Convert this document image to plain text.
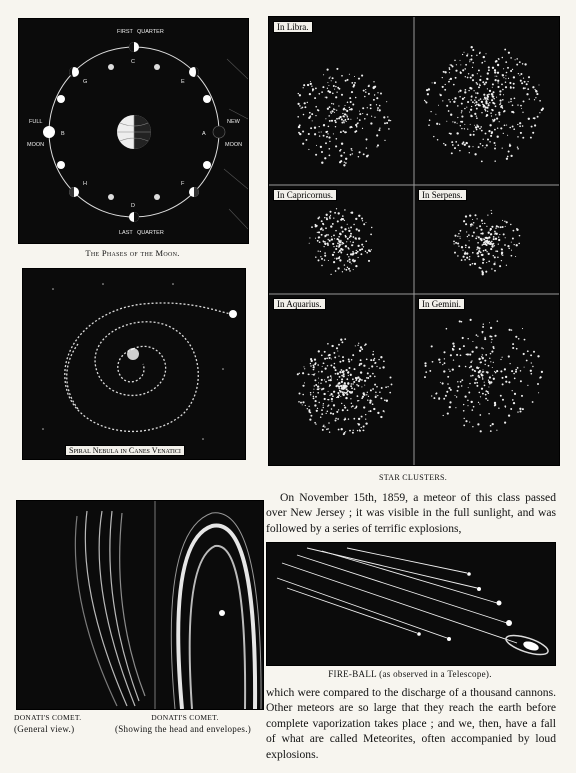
FIRST QUARTER
LAST QUARTER
NEW
MOON
FULL
MOON
A
B
C
D
E
F
G
H
The Phases of the Moon.
Spiral Nebula in Canes Venatici
In Libra.
In Capricornus.	In Serpens.
In Aquarius.	In Gemini.
STAR CLUSTERS.

On November 15th, 1859, a meteor of this class passed over New Jersey ; it was visible in the full sunlight, and was followed by a series of terrific explosions,

DONATI'S COMET.
(General view.)
DONATI'S COMET.
(Showing the head and envelopes.)
FIRE-BALL (as observed in a Telescope).

which were compared to the discharge of a thousand cannons. Other meteors are so large that they reach the earth before complete vaporization takes place ; and we, then, have a fall of what are called Meteorites, often accompanied by loud explosions.
